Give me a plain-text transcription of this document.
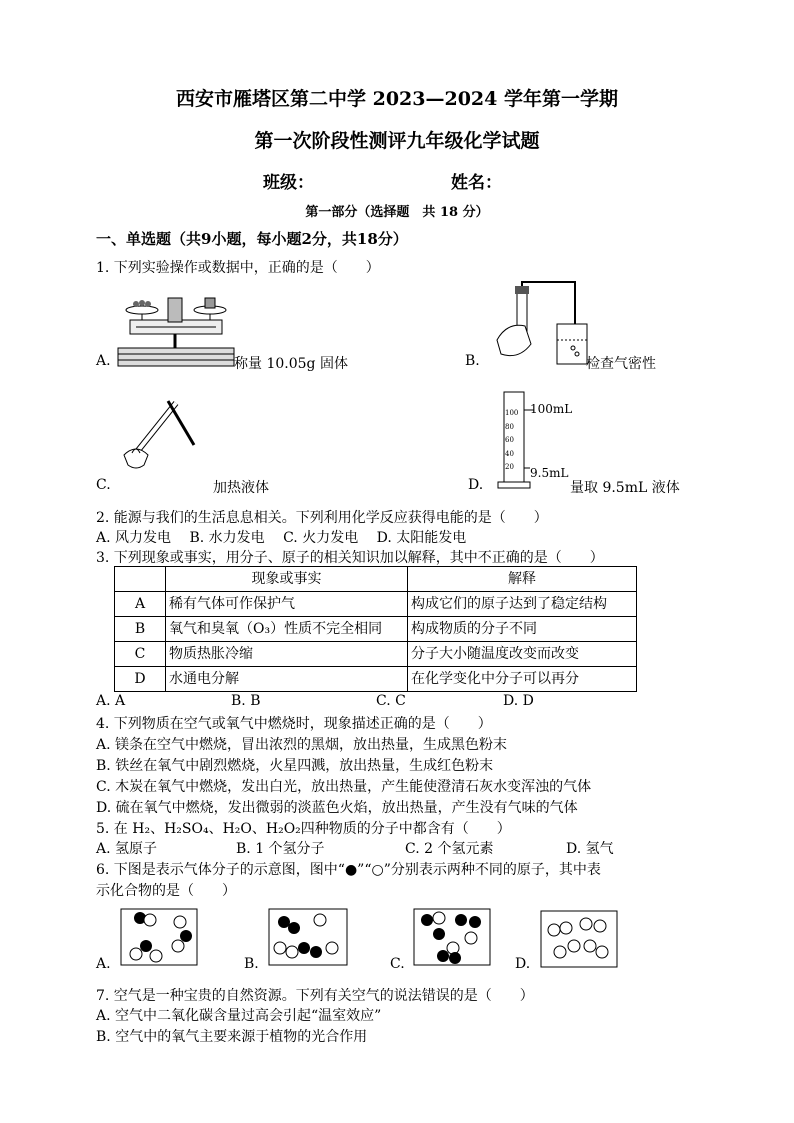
西安市雁塔区第二中学 2023—2024 学年第一学期
第一次阶段性测评九年级化学试题
班级：	姓名：
第一部分（选择题　共 18 分）
一、单选题（共9小题，每小题2分，共18分）
1. 下列实验操作或数据中，正确的是（　　）
A.	称量 10.05g 固体	B.	检查气密性
C.	加热液体
100
80
60
40
20
100mL
9.5mL
D.	量取 9.5mL 液体
2. 能源与我们的生活息息相关。下列利用化学反应获得电能的是（　　）
A. 风力发电　 B. 水力发电　 C. 火力发电　 D. 太阳能发电
3. 下列现象或事实，用分子、原子的相关知识加以解释，其中不正确的是（　　）
	现象或事实	解释
A	稀有气体可作保护气	构成它们的原子达到了稳定结构
B	氧气和臭氧（O₃）性质不完全相同	构成物质的分子不同
C	物质热胀冷缩	分子大小随温度改变而改变
D	水通电分解	在化学变化中分子可以再分
A. A	B. B	C. C	D. D
4. 下列物质在空气或氧气中燃烧时，现象描述正确的是（　　）
A. 镁条在空气中燃烧，冒出浓烈的黑烟，放出热量，生成黑色粉末
B. 铁丝在氧气中剧烈燃烧，火星四溅，放出热量，生成红色粉末
C. 木炭在氧气中燃烧，发出白光，放出热量，产生能使澄清石灰水变浑浊的气体
D. 硫在氧气中燃烧，发出微弱的淡蓝色火焰，放出热量，产生没有气味的气体
5. 在 H₂、H₂SO₄、H₂O、H₂O₂四种物质的分子中都含有（　　）
A. 氢原子	B. 1 个氢分子	C. 2 个氢元素	D. 氢气
6. 下图是表示气体分子的示意图，图中“●”“○”分别表示两种不同的原子，其中表
示化合物的是（　　）
A.	B.	C.	D.
7. 空气是一种宝贵的自然资源。下列有关空气的说法错误的是（　　）
A. 空气中二氧化碳含量过高会引起“温室效应”
B. 空气中的氧气主要来源于植物的光合作用
